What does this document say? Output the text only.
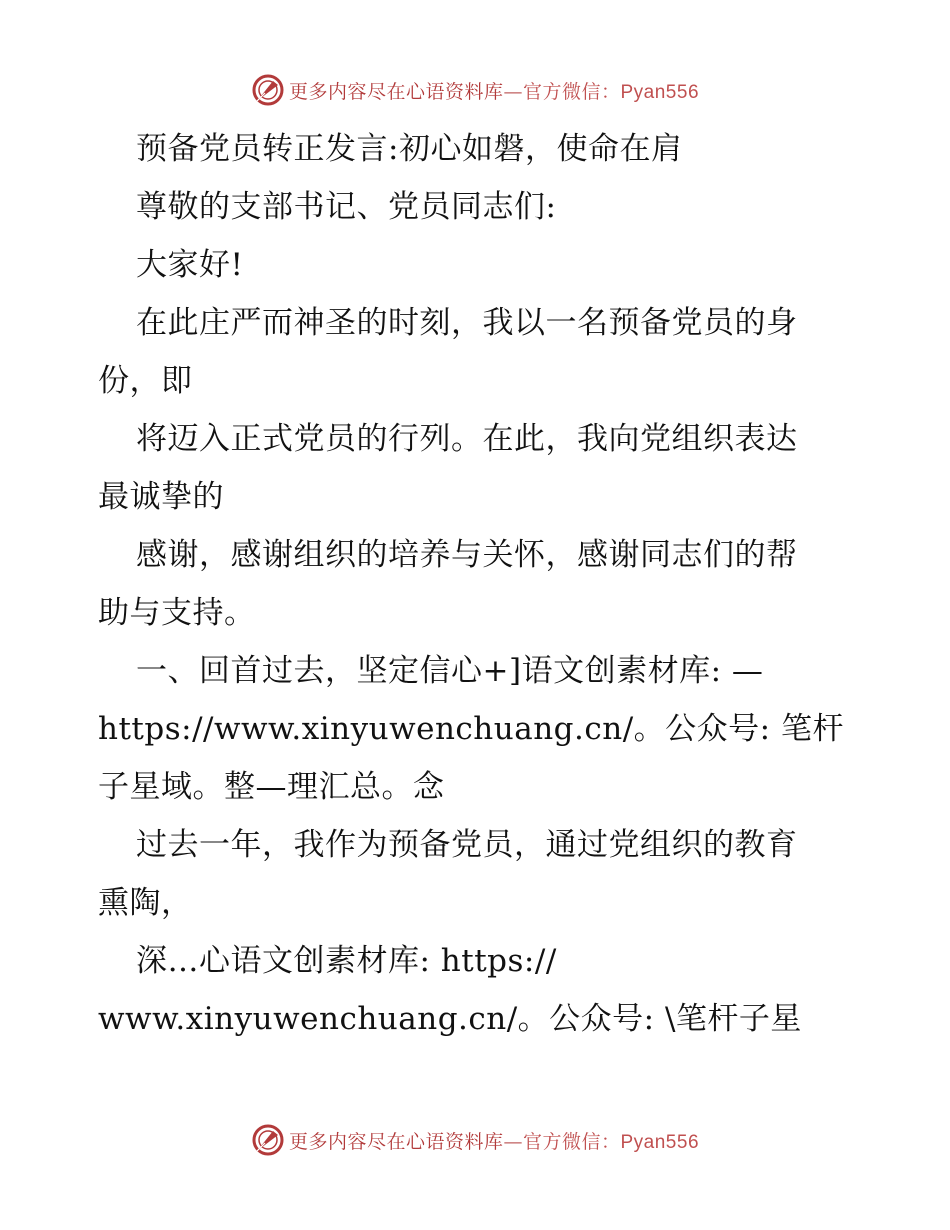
更多内容尽在心语资料库—官方微信：Pyan556
预备党员转正发言:初心如磐，使命在肩
尊敬的支部书记、党员同志们:
大家好!
在此庄严而神圣的时刻，我以一名预备党员的身
份，即
将迈入正式党员的行列。在此，我向党组织表达
最诚挚的
感谢，感谢组织的培养与关怀，感谢同志们的帮
助与支持。
一、回首过去，坚定信心+]语文创素材库: —
https://www.xinyuwenchuang.cn/。公众号: 笔杆
子星域。整—理汇总。念
过去一年，我作为预备党员，通过党组织的教育
熏陶，
深…心语文创素材库: https://
www.xinyuwenchuang.cn/。公众号: \笔杆子星
更多内容尽在心语资料库—官方微信：Pyan556
